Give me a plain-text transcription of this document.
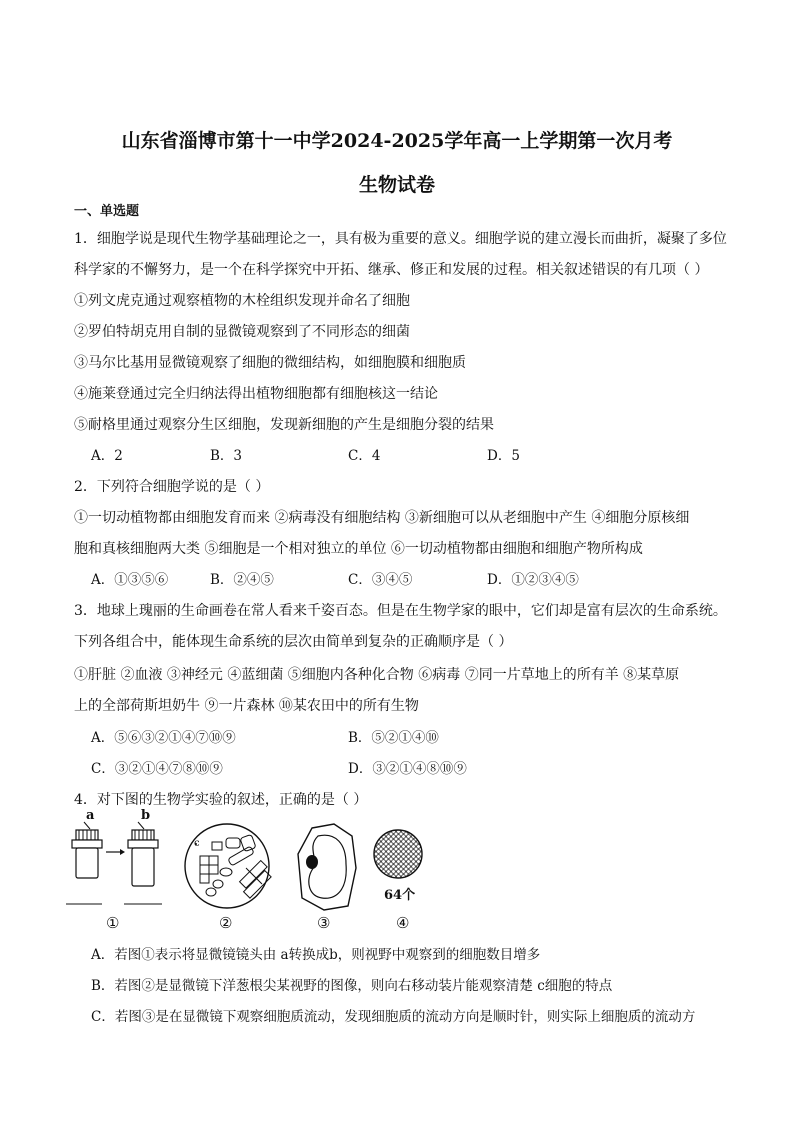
山东省淄博市第十一中学2024-2025学年高一上学期第一次月考
生物试卷
一、单选题
1．细胞学说是现代生物学基础理论之一，具有极为重要的意义。细胞学说的建立漫长而曲折，凝聚了多位
科学家的不懈努力，是一个在科学探究中开拓、继承、修正和发展的过程。相关叙述错误的有几项（ ）
①列文虎克通过观察植物的木栓组织发现并命名了细胞
②罗伯特胡克用自制的显微镜观察到了不同形态的细菌
③马尔比基用显微镜观察了细胞的微细结构，如细胞膜和细胞质
④施莱登通过完全归纳法得出植物细胞都有细胞核这一结论
⑤耐格里通过观察分生区细胞，发现新细胞的产生是细胞分裂的结果
A．2	B．3	C．4	D．5
2．下列符合细胞学说的是（ ）
①一切动植物都由细胞发育而来 ②病毒没有细胞结构 ③新细胞可以从老细胞中产生 ④细胞分原核细
胞和真核细胞两大类 ⑤细胞是一个相对独立的单位 ⑥一切动植物都由细胞和细胞产物所构成
A．①③⑤⑥	B．②④⑤	C．③④⑤	D．①②③④⑤
3．地球上瑰丽的生命画卷在常人看来千姿百态。但是在生物学家的眼中，它们却是富有层次的生命系统。
下列各组合中，能体现生命系统的层次由简单到复杂的正确顺序是（ ）
①肝脏 ②血液 ③神经元 ④蓝细菌 ⑤细胞内各种化合物 ⑥病毒 ⑦同一片草地上的所有羊 ⑧某草原
上的全部荷斯坦奶牛 ⑨一片森林 ⑩某农田中的所有生物
A．⑤⑥③②①④⑦⑩⑨	B．⑤②①④⑩
C．③②①④⑦⑧⑩⑨	D．③②①④⑧⑩⑨
4．对下图的生物学实验的叙述，正确的是（ ）
a	b
c
64个
①	②	③	④
A．若图①表示将显微镜镜头由 a转换成b，则视野中观察到的细胞数目增多
B．若图②是显微镜下洋葱根尖某视野的图像，则向右移动装片能观察清楚 c细胞的特点
C．若图③是在显微镜下观察细胞质流动，发现细胞质的流动方向是顺时针，则实际上细胞质的流动方
